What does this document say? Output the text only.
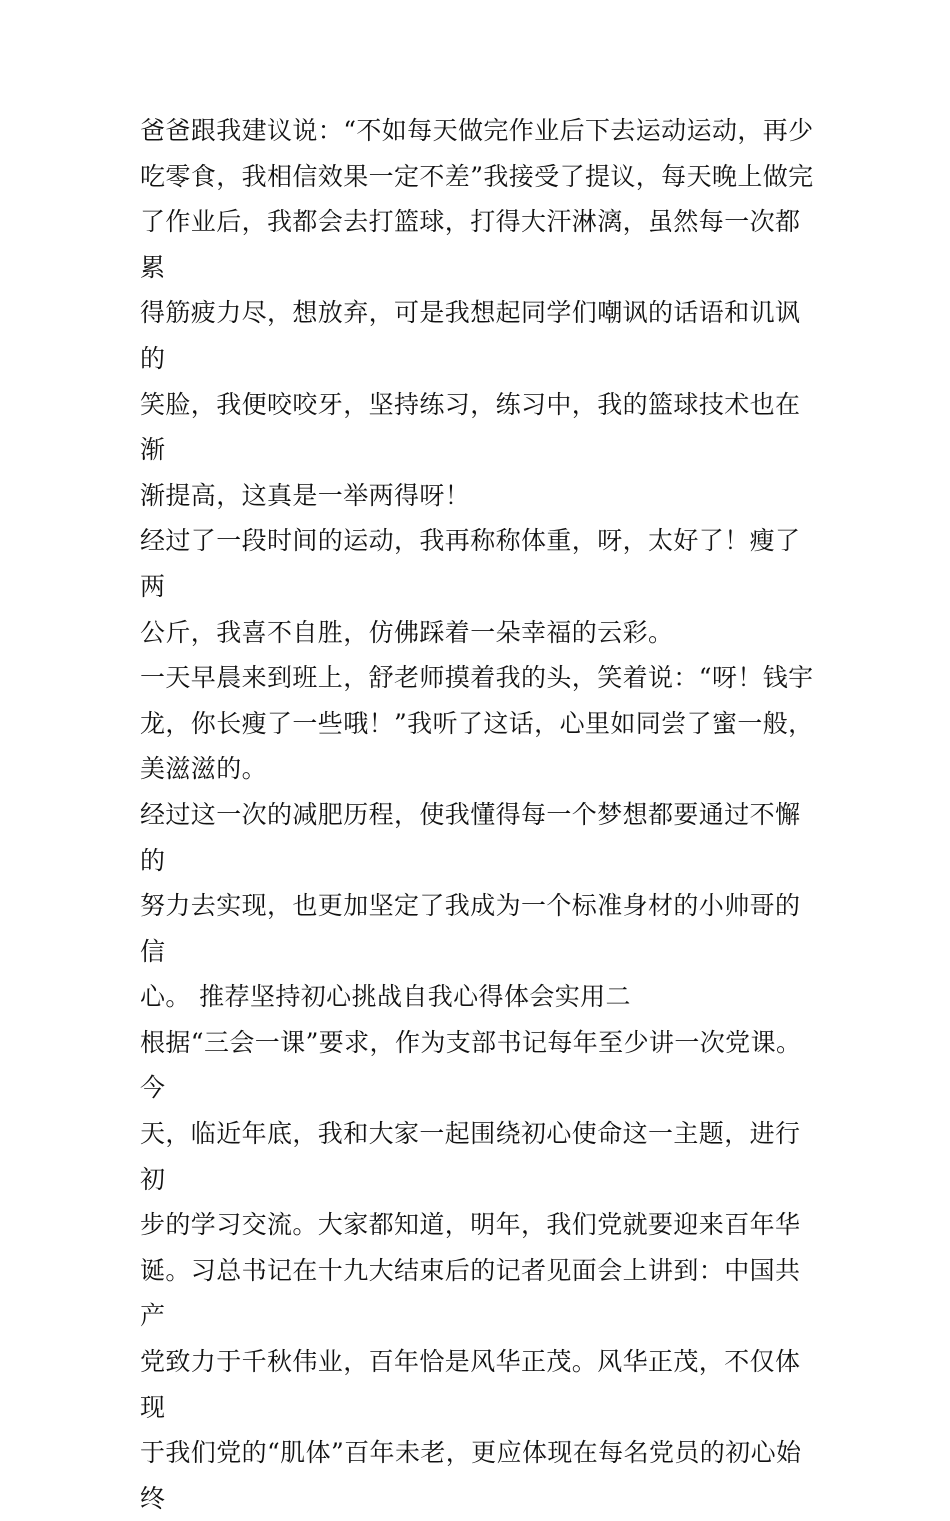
爸爸跟我建议说：“不如每天做完作业后下去运动运动，再少
吃零食，我相信效果一定不差”我接受了提议，每天晚上做完
了作业后，我都会去打篮球，打得大汗淋漓，虽然每一次都累
得筋疲力尽，想放弃，可是我想起同学们嘲讽的话语和讥讽的
笑脸，我便咬咬牙，坚持练习，练习中，我的篮球技术也在渐
渐提高，这真是一举两得呀！

经过了一段时间的运动，我再称称体重，呀，太好了！瘦了两
公斤，我喜不自胜，仿佛踩着一朵幸福的云彩。

一天早晨来到班上，舒老师摸着我的头，笑着说：“呀！钱宇
龙，你长瘦了一些哦！”我听了这话，心里如同尝了蜜一般，
美滋滋的。

经过这一次的减肥历程，使我懂得每一个梦想都要通过不懈的
努力去实现，也更加坚定了我成为一个标准身材的小帅哥的信
心。 推荐坚持初心挑战自我心得体会实用二

根据“三会一课”要求，作为支部书记每年至少讲一次党课。今
天，临近年底，我和大家一起围绕初心使命这一主题，进行初
步的学习交流。大家都知道，明年，我们党就要迎来百年华
诞。习总书记在十九大结束后的记者见面会上讲到：中国共产
党致力于千秋伟业，百年恰是风华正茂。风华正茂，不仅体现
于我们党的“肌体”百年未老，更应体现在每名党员的初心始终
